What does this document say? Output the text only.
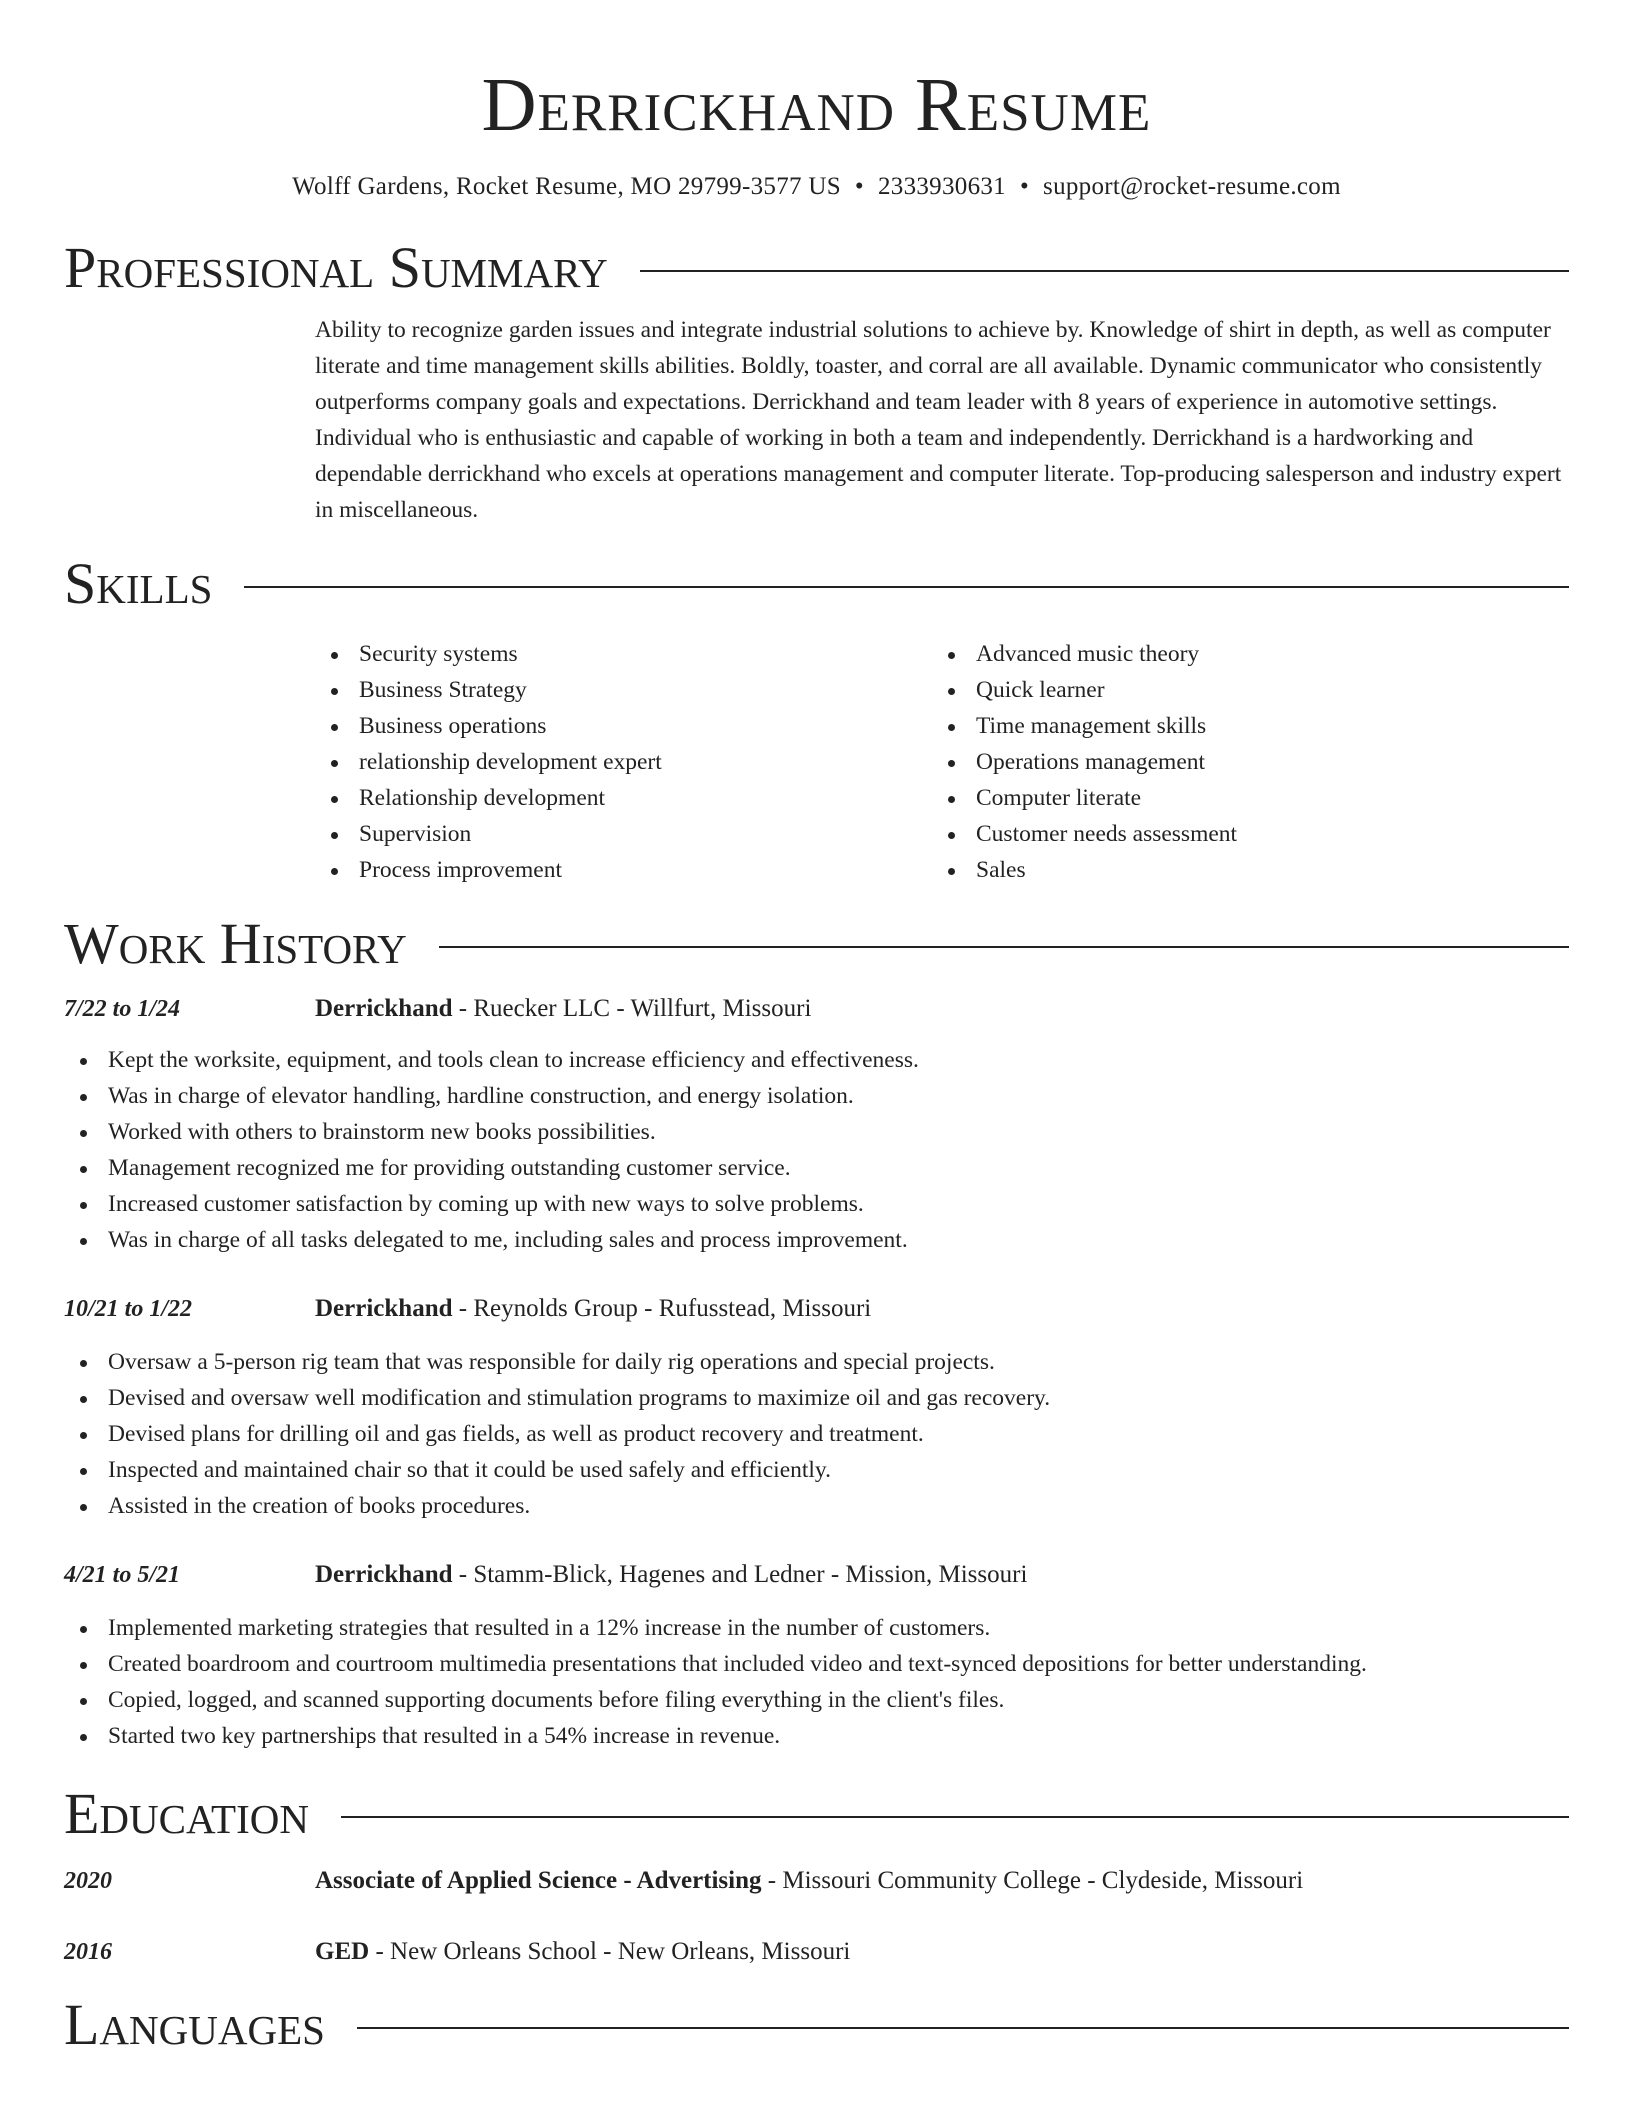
Derrickhand Resume
Wolff Gardens, Rocket Resume, MO 29799-3577 US • 2333930631 • support@rocket-resume.com
Professional Summary
Ability to recognize garden issues and integrate industrial solutions to achieve by. Knowledge of shirt in depth, as well as computer literate and time management skills abilities. Boldly, toaster, and corral are all available. Dynamic communicator who consistently outperforms company goals and expectations. Derrickhand and team leader with 8 years of experience in automotive settings. Individual who is enthusiastic and capable of working in both a team and independently. Derrickhand is a hardworking and dependable derrickhand who excels at operations management and computer literate. Top-producing salesperson and industry expert in miscellaneous.
Skills
Security systems
Business Strategy
Business operations
relationship development expert
Relationship development
Supervision
Process improvement
Advanced music theory
Quick learner
Time management skills
Operations management
Computer literate
Customer needs assessment
Sales
Work History
7/22 to 1/24	Derrickhand - Ruecker LLC - Willfurt, Missouri
Kept the worksite, equipment, and tools clean to increase efficiency and effectiveness.
Was in charge of elevator handling, hardline construction, and energy isolation.
Worked with others to brainstorm new books possibilities.
Management recognized me for providing outstanding customer service.
Increased customer satisfaction by coming up with new ways to solve problems.
Was in charge of all tasks delegated to me, including sales and process improvement.
10/21 to 1/22	Derrickhand - Reynolds Group - Rufusstead, Missouri
Oversaw a 5-person rig team that was responsible for daily rig operations and special projects.
Devised and oversaw well modification and stimulation programs to maximize oil and gas recovery.
Devised plans for drilling oil and gas fields, as well as product recovery and treatment.
Inspected and maintained chair so that it could be used safely and efficiently.
Assisted in the creation of books procedures.
4/21 to 5/21	Derrickhand - Stamm-Blick, Hagenes and Ledner - Mission, Missouri
Implemented marketing strategies that resulted in a 12% increase in the number of customers.
Created boardroom and courtroom multimedia presentations that included video and text-synced depositions for better understanding.
Copied, logged, and scanned supporting documents before filing everything in the client's files.
Started two key partnerships that resulted in a 54% increase in revenue.
Education
2020	Associate of Applied Science - Advertising - Missouri Community College - Clydeside, Missouri
2016	GED - New Orleans School - New Orleans, Missouri
Languages
